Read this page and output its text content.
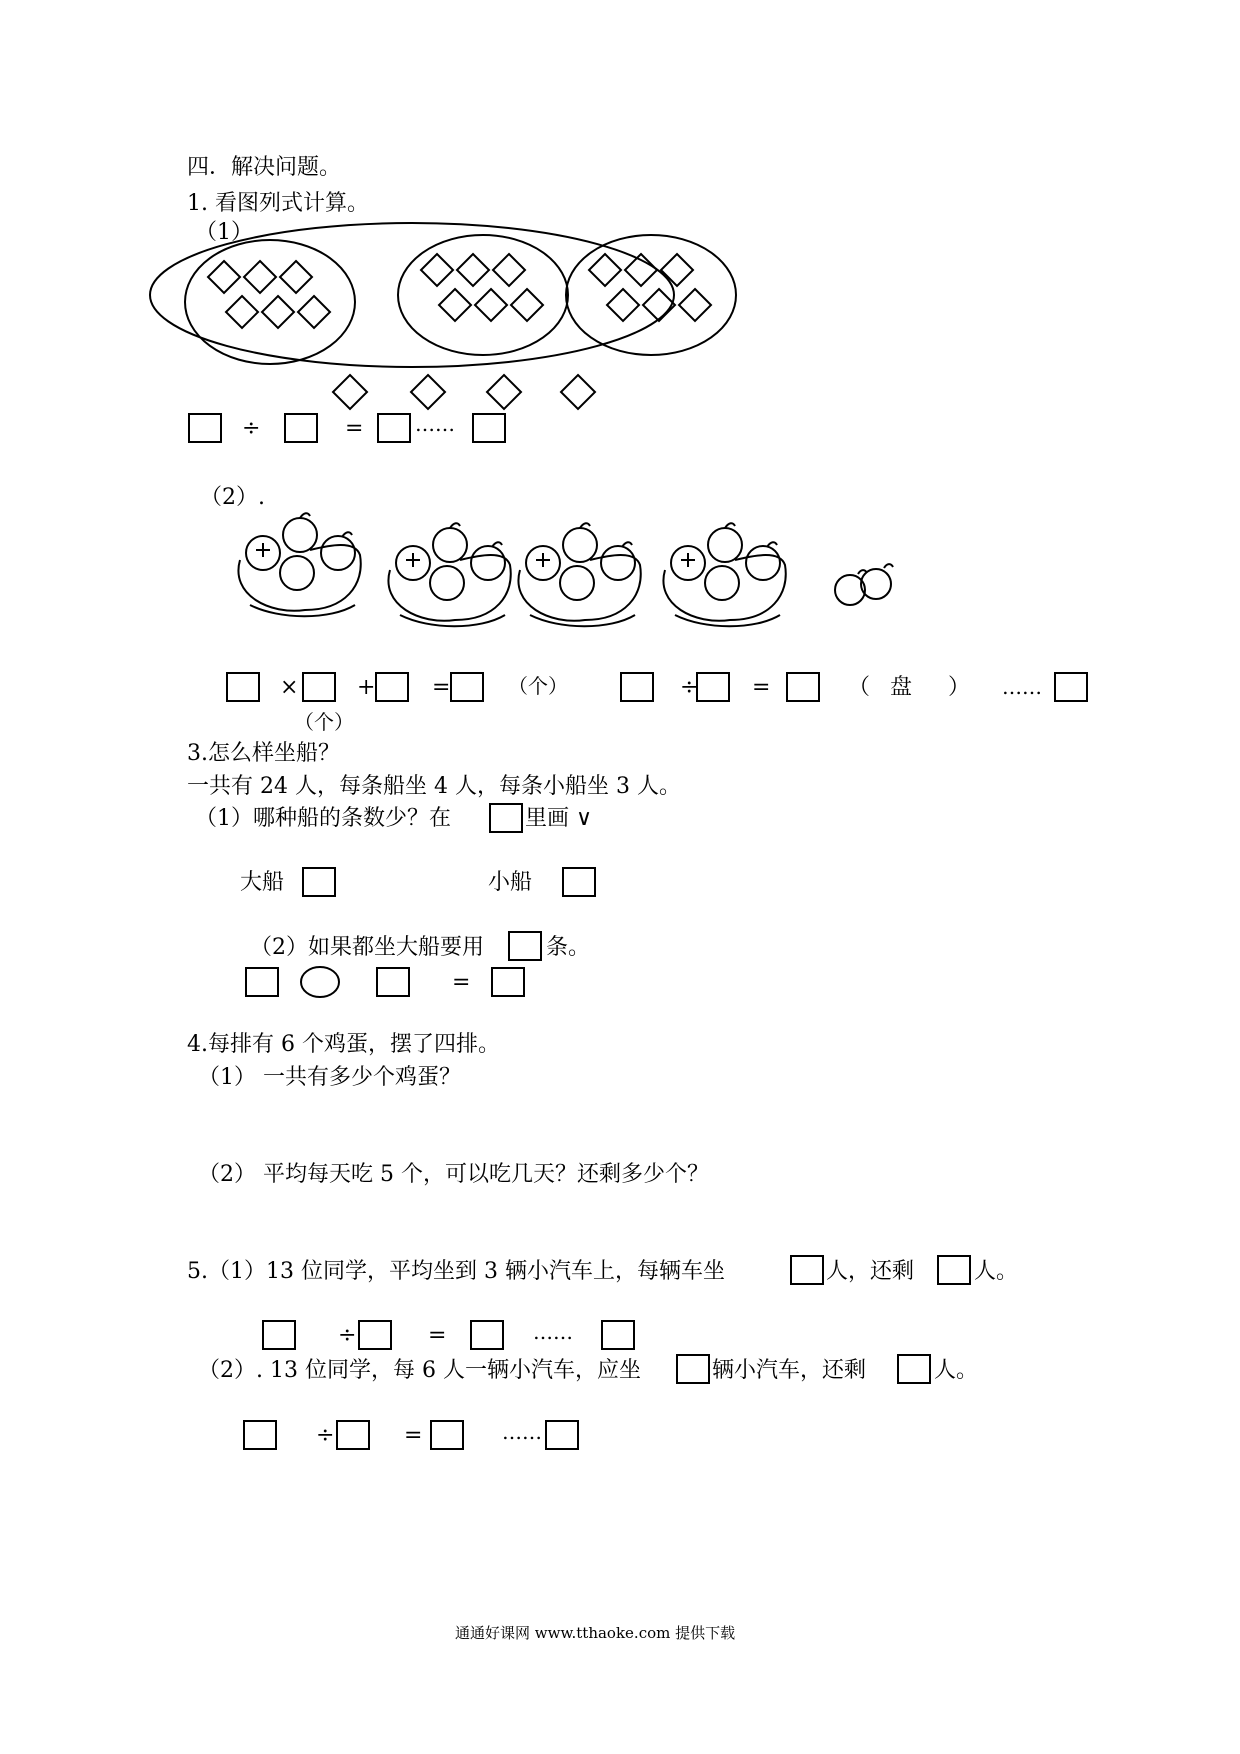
四．解决问题。
1. 看图列式计算。
（1）
÷	=	……
（2）.
×
（个）
+	=	（个）	÷ =	（ 盘 ） ……
3.怎么样坐船？
一共有 24 人，每条船坐 4 人，每条小船坐 3 人。
（1）哪种船的条数少？在	里画 ∨
大船	小船
（2）如果都坐大船要用	条。
=
4.每排有 6 个鸡蛋，摆了四排。
（1） 一共有多少个鸡蛋？
（2） 平均每天吃 5 个，可以吃几天？还剩多少个？
5.（1）13 位同学，平均坐到 3 辆小汽车上，每辆车坐	人，还剩	人。
÷	=	……
（2）. 13 位同学，每 6 人一辆小汽车，应坐	辆小汽车，还剩	人。
÷	=	……
通通好课网 www.tthaoke.com 提供下载
